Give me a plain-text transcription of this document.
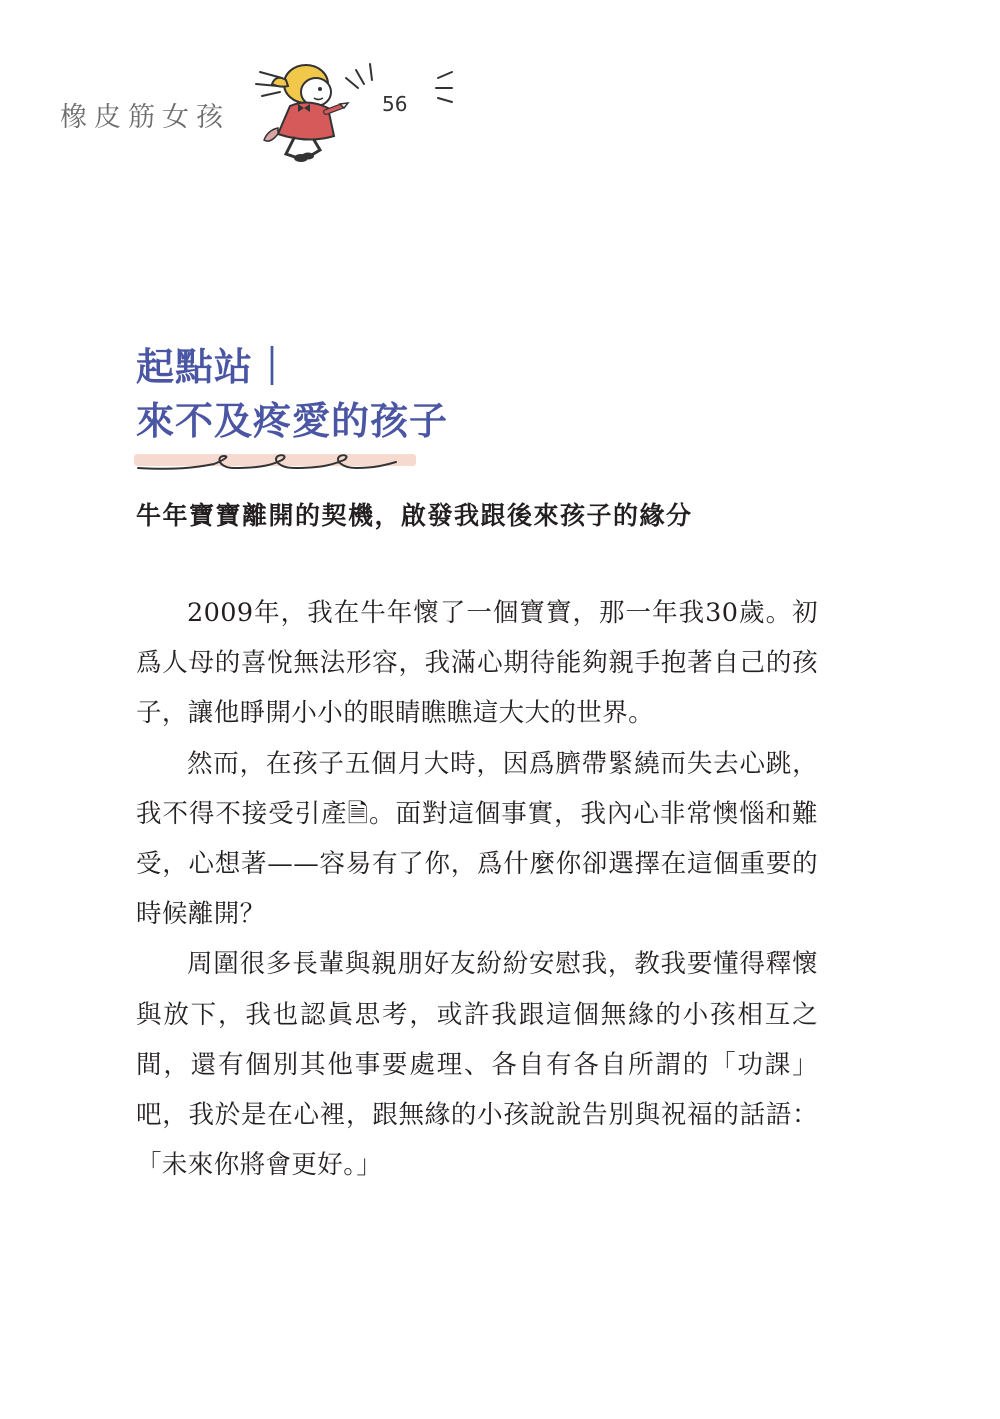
橡皮筋女孩	56
起點站｜
來不及疼愛的孩子
牛年寶寶離開的契機，啟發我跟後來孩子的緣分

2009年，我在牛年懷了一個寶寶，那一年我30歲。初爲人母的喜悅無法形容，我滿心期待能夠親手抱著自己的孩子，讓他睜開小小的眼睛瞧瞧這大大的世界。

然而，在孩子五個月大時，因爲臍帶緊繞而失去心跳，我不得不接受引產🗎。面對這個事實，我內心非常懊惱和難受，心想著——容易有了你，爲什麼你卻選擇在這個重要的時候離開？

周圍很多長輩與親朋好友紛紛安慰我，教我要懂得釋懷與放下，我也認眞思考，或許我跟這個無緣的小孩相互之間，還有個別其他事要處理、各自有各自所謂的「功課」吧，我於是在心裡，跟無緣的小孩說說告別與祝福的話語：「未來你將會更好。」
